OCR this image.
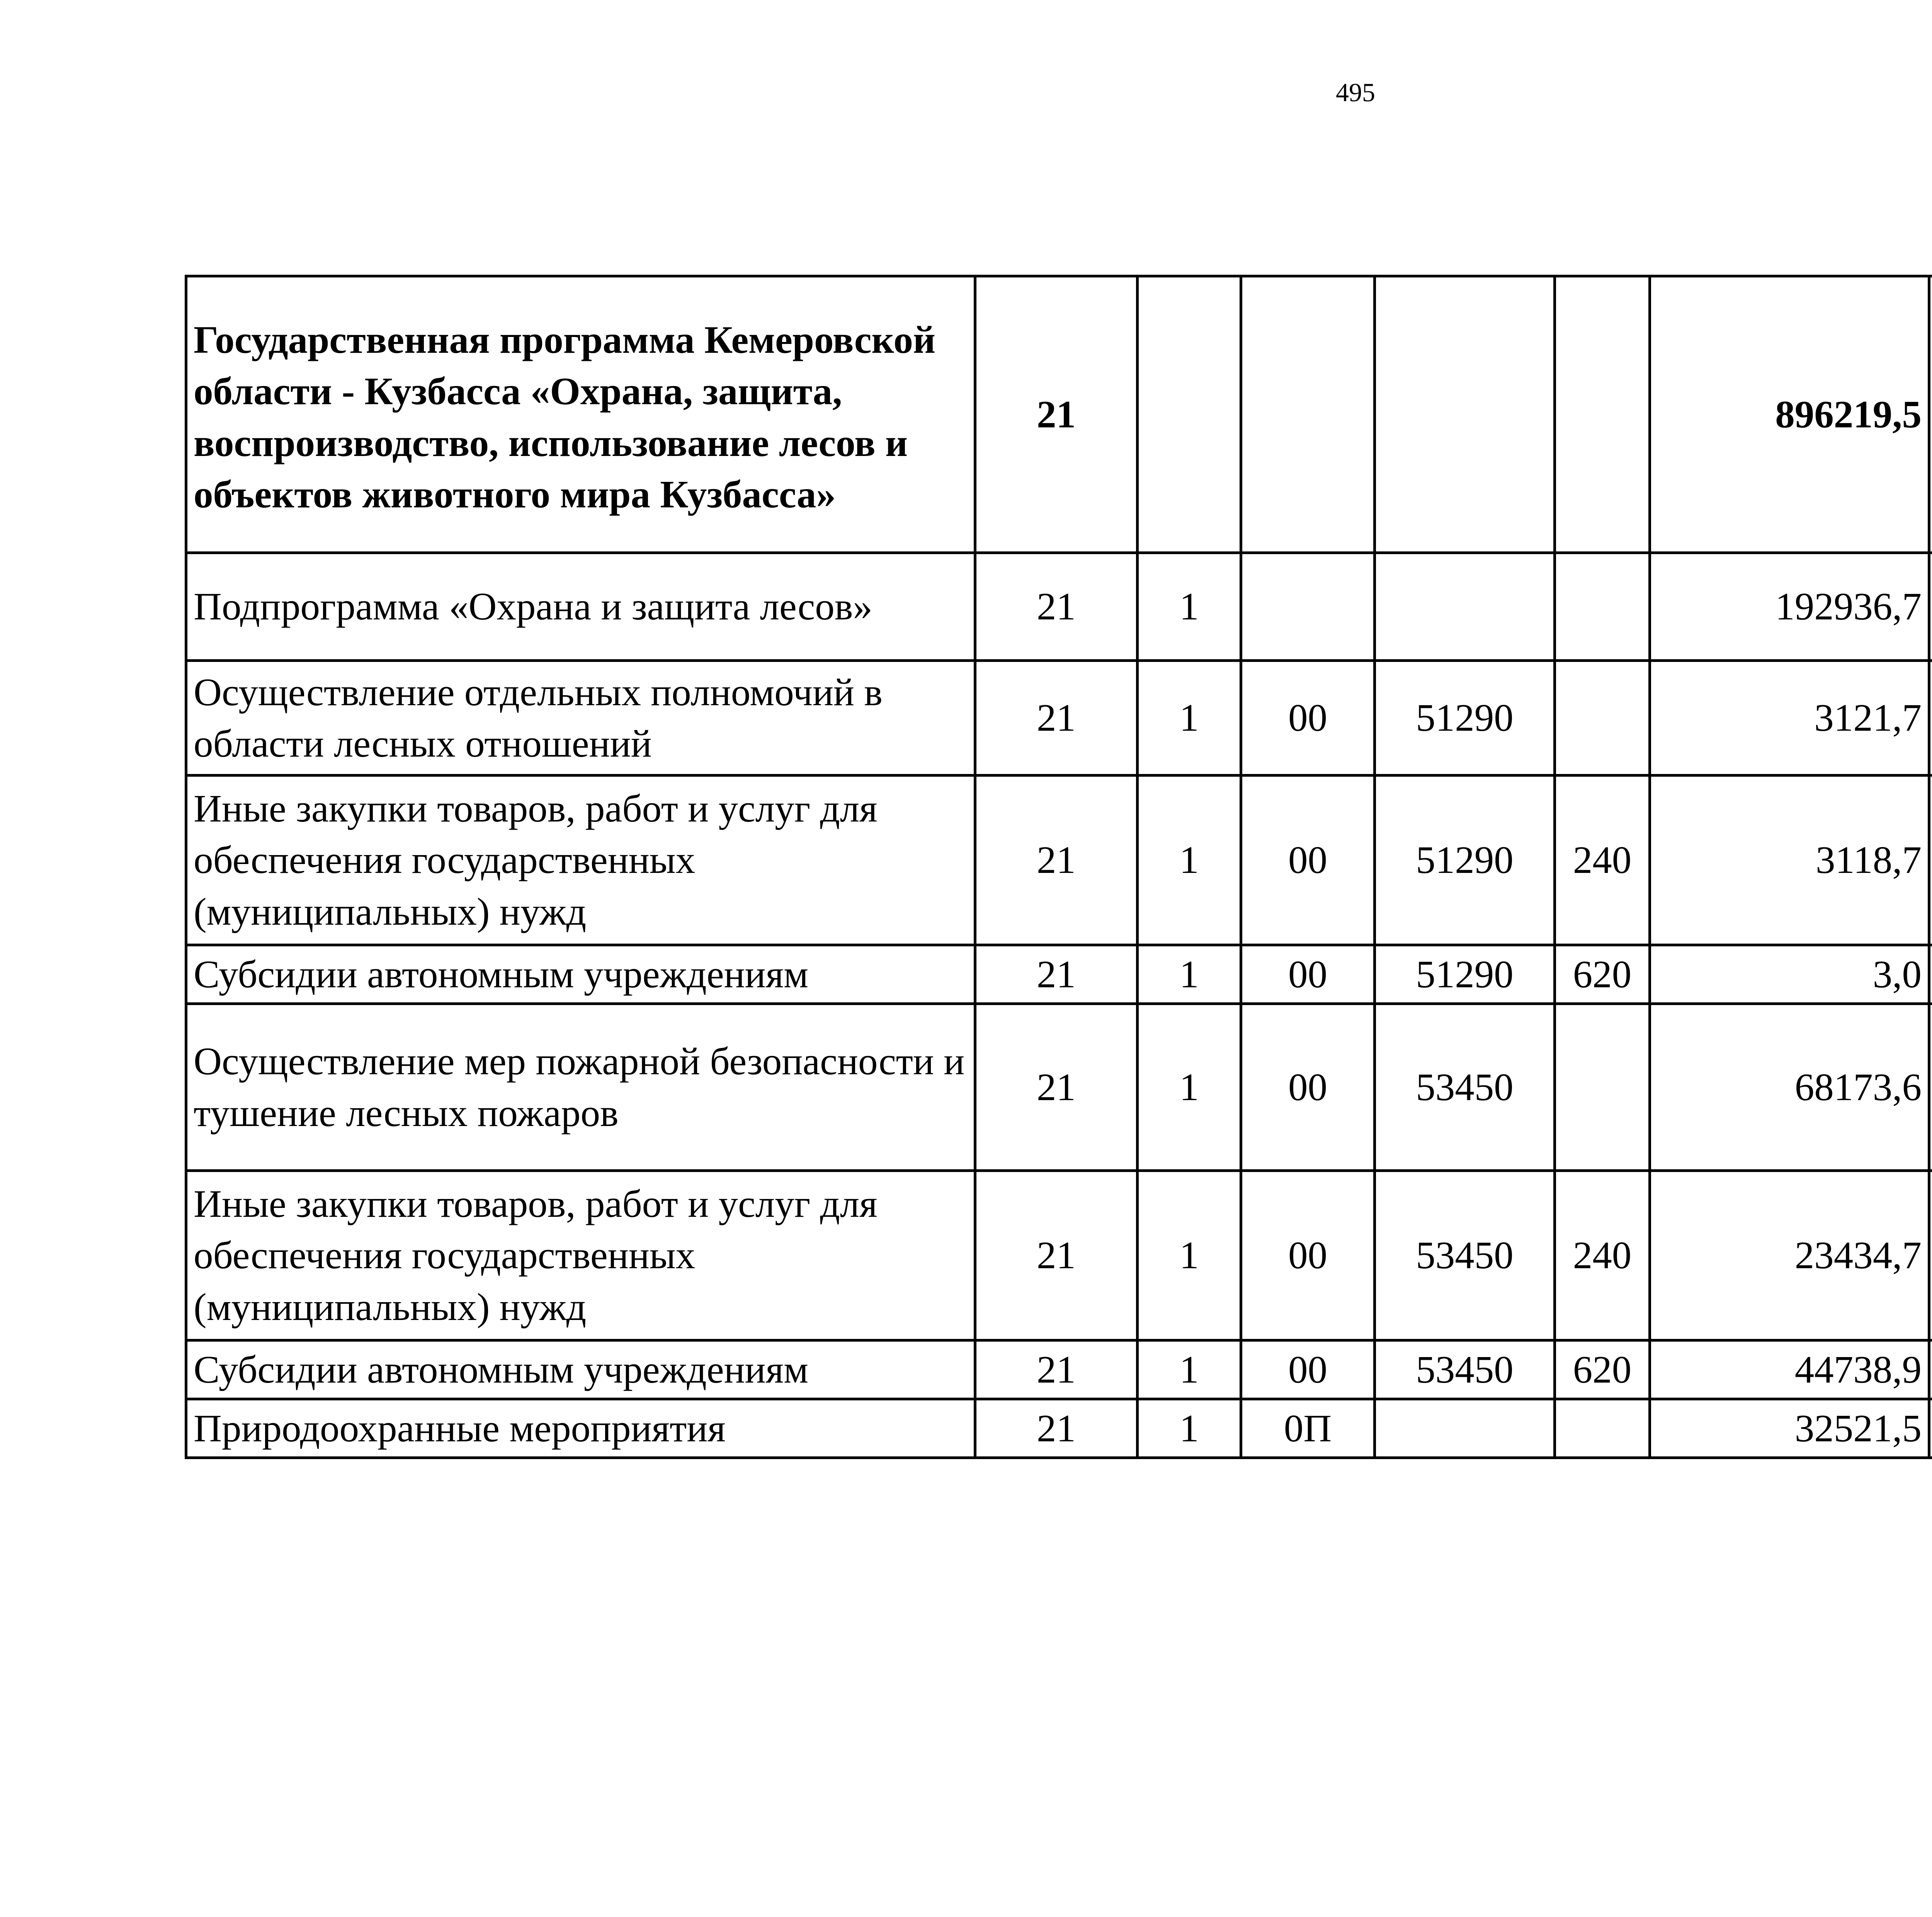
495
Государственная программа Кемеровской области - Кузбасса «Охрана, защита, воспроизводство, использование лесов и объектов животного мира Кузбасса»	21					896219,5		
Подпрограмма «Охрана и защита лесов»	21	1				192936,7		
Осуществление отдельных полномочий в области лесных отношений	21	1	00	51290		3121,7		
Иные закупки товаров, работ и услуг для обеспечения государственных (муниципальных) нужд	21	1	00	51290	240	3118,7		
Субсидии автономным учреждениям	21	1	00	51290	620	3,0		
Осуществление мер пожарной безопасности и тушение лесных пожаров	21	1	00	53450		68173,6		
Иные закупки товаров, работ и услуг для обеспечения государственных (муниципальных) нужд	21	1	00	53450	240	23434,7		
Субсидии автономным учреждениям	21	1	00	53450	620	44738,9		
Природоохранные мероприятия	21	1	0П			32521,5		
